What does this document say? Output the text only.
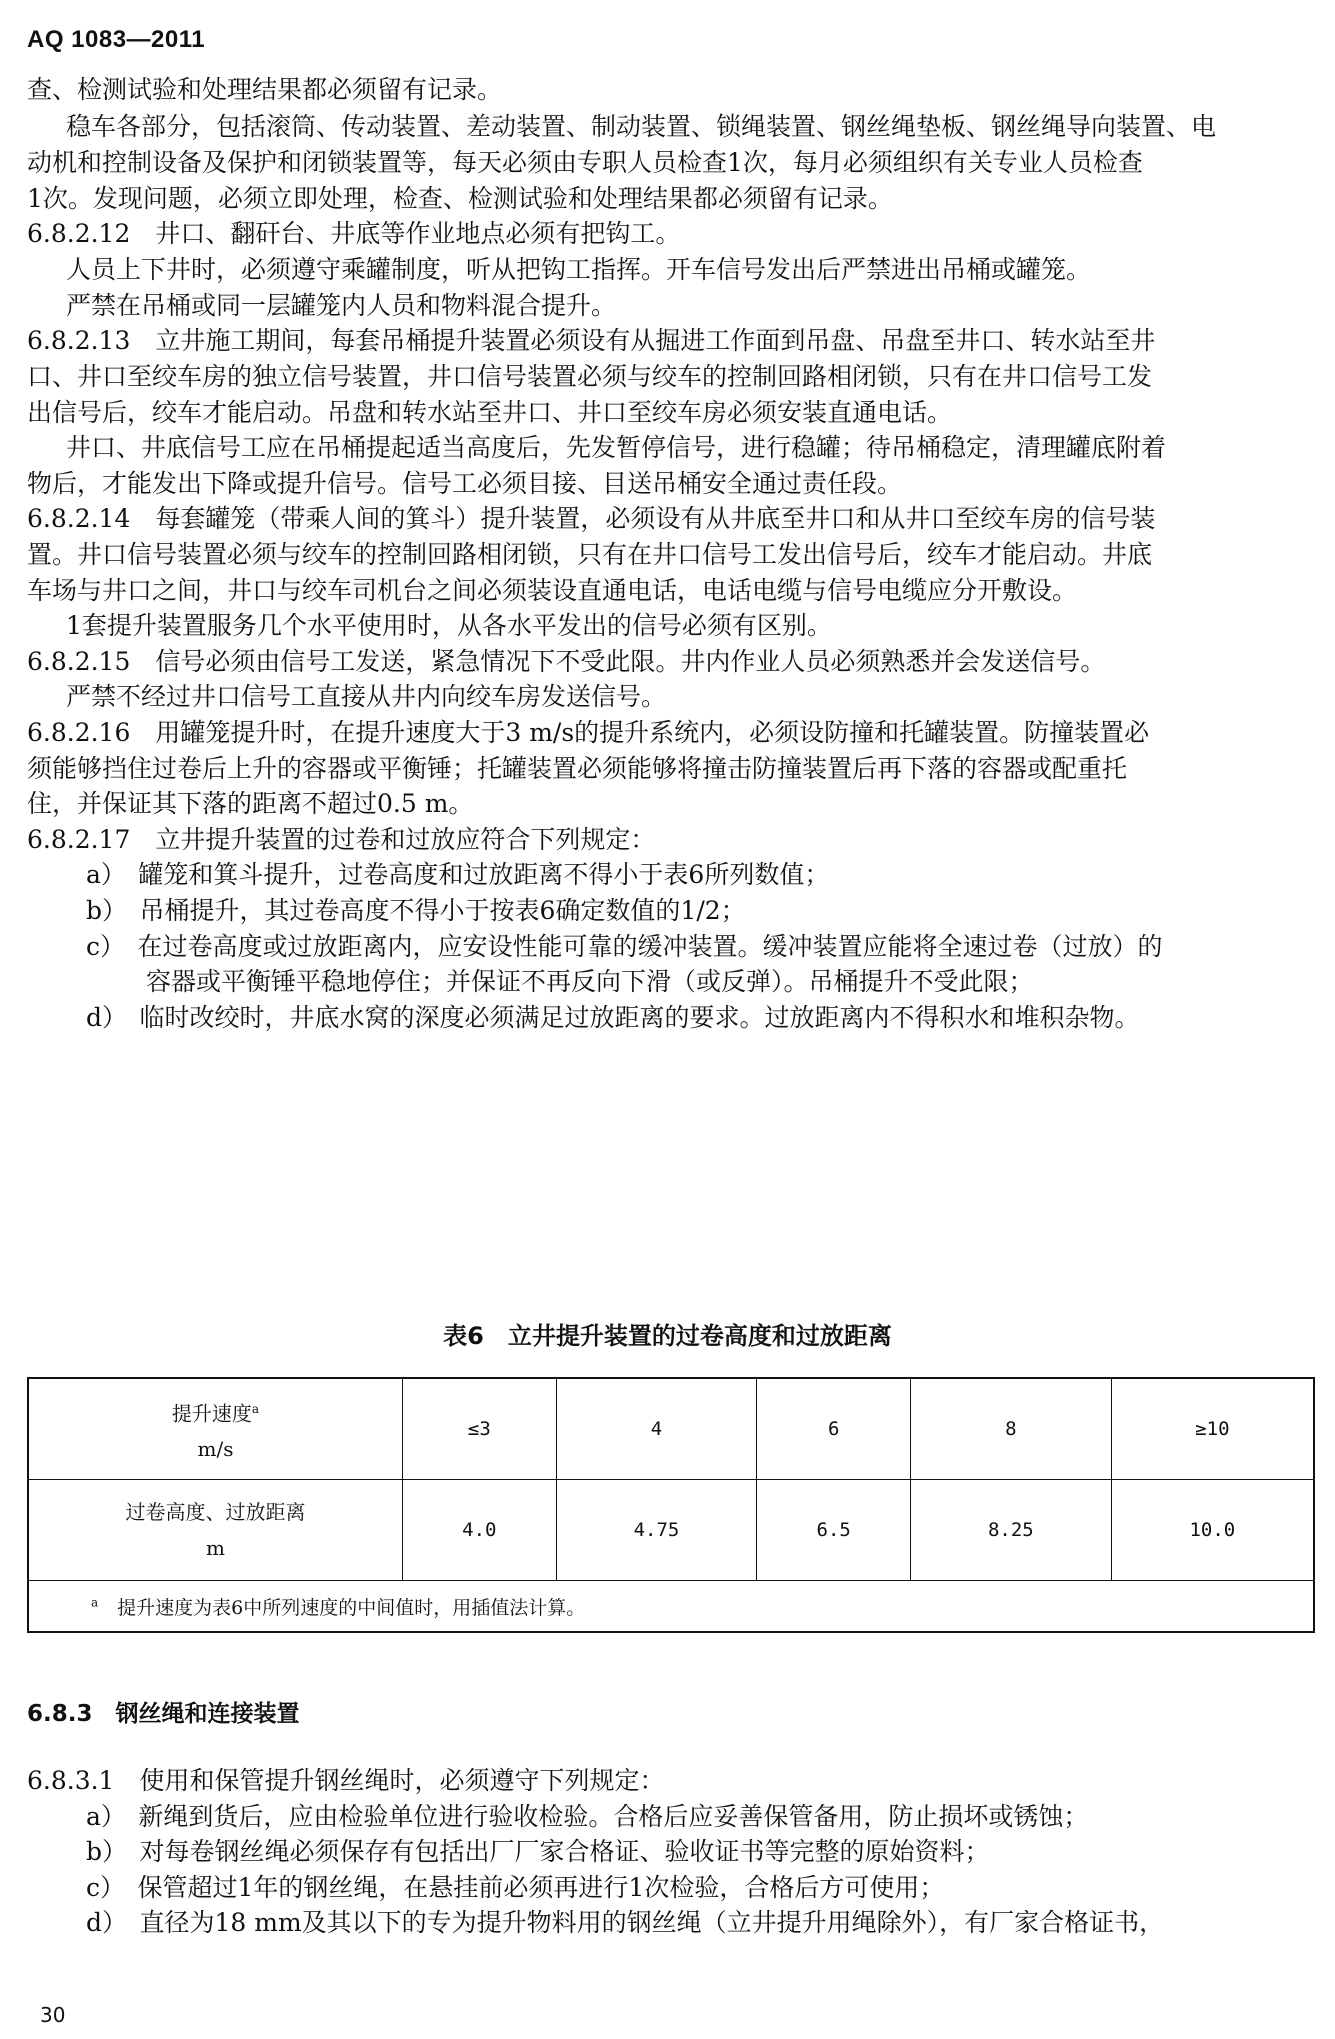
AQ 1083—2011
查、检测试验和处理结果都必须留有记录。
稳车各部分，包括滚筒、传动装置、差动装置、制动装置、锁绳装置、钢丝绳垫板、钢丝绳导向装置、电
动机和控制设备及保护和闭锁装置等，每天必须由专职人员检查1次，每月必须组织有关专业人员检查
1次。发现问题，必须立即处理，检查、检测试验和处理结果都必须留有记录。
6.8.2.12　井口、翻矸台、井底等作业地点必须有把钩工。
人员上下井时，必须遵守乘罐制度，听从把钩工指挥。开车信号发出后严禁进出吊桶或罐笼。
严禁在吊桶或同一层罐笼内人员和物料混合提升。
6.8.2.13　立井施工期间，每套吊桶提升装置必须设有从掘进工作面到吊盘、吊盘至井口、转水站至井
口、井口至绞车房的独立信号装置，井口信号装置必须与绞车的控制回路相闭锁，只有在井口信号工发
出信号后，绞车才能启动。吊盘和转水站至井口、井口至绞车房必须安装直通电话。
井口、井底信号工应在吊桶提起适当高度后，先发暂停信号，进行稳罐；待吊桶稳定，清理罐底附着
物后，才能发出下降或提升信号。信号工必须目接、目送吊桶安全通过责任段。
6.8.2.14　每套罐笼（带乘人间的箕斗）提升装置，必须设有从井底至井口和从井口至绞车房的信号装
置。井口信号装置必须与绞车的控制回路相闭锁，只有在井口信号工发出信号后，绞车才能启动。井底
车场与井口之间，井口与绞车司机台之间必须装设直通电话，电话电缆与信号电缆应分开敷设。
1套提升装置服务几个水平使用时，从各水平发出的信号必须有区别。
6.8.2.15　信号必须由信号工发送，紧急情况下不受此限。井内作业人员必须熟悉并会发送信号。
严禁不经过井口信号工直接从井内向绞车房发送信号。
6.8.2.16　用罐笼提升时，在提升速度大于3 m/s的提升系统内，必须设防撞和托罐装置。防撞装置必
须能够挡住过卷后上升的容器或平衡锤；托罐装置必须能够将撞击防撞装置后再下落的容器或配重托
住，并保证其下落的距离不超过0.5 m。
6.8.2.17　立井提升装置的过卷和过放应符合下列规定：
a）　罐笼和箕斗提升，过卷高度和过放距离不得小于表6所列数值；
b）　吊桶提升，其过卷高度不得小于按表6确定数值的1/2；
c）　在过卷高度或过放距离内，应安设性能可靠的缓冲装置。缓冲装置应能将全速过卷（过放）的
容器或平衡锤平稳地停住；并保证不再反向下滑（或反弹）。吊桶提升不受此限；
d）　临时改绞时，井底水窝的深度必须满足过放距离的要求。过放距离内不得积水和堆积杂物。
表6　立井提升装置的过卷高度和过放距离
提升速度$^a$
m/s	≤3	4	6	8	≥10
过卷高度、过放距离
m	4.0	4.75	6.5	8.25	10.0
$^a$　 提升速度为表6中所列速度的中间值时，用插值法计算。					
6.8.3　钢丝绳和连接装置
6.8.3.1　使用和保管提升钢丝绳时，必须遵守下列规定：
a）　新绳到货后，应由检验单位进行验收检验。合格后应妥善保管备用，防止损坏或锈蚀；
b）　对每卷钢丝绳必须保存有包括出厂厂家合格证、验收证书等完整的原始资料；
c）　保管超过1年的钢丝绳，在悬挂前必须再进行1次检验，合格后方可使用；
d）　直径为18 mm及其以下的专为提升物料用的钢丝绳（立井提升用绳除外），有厂家合格证书，
30
